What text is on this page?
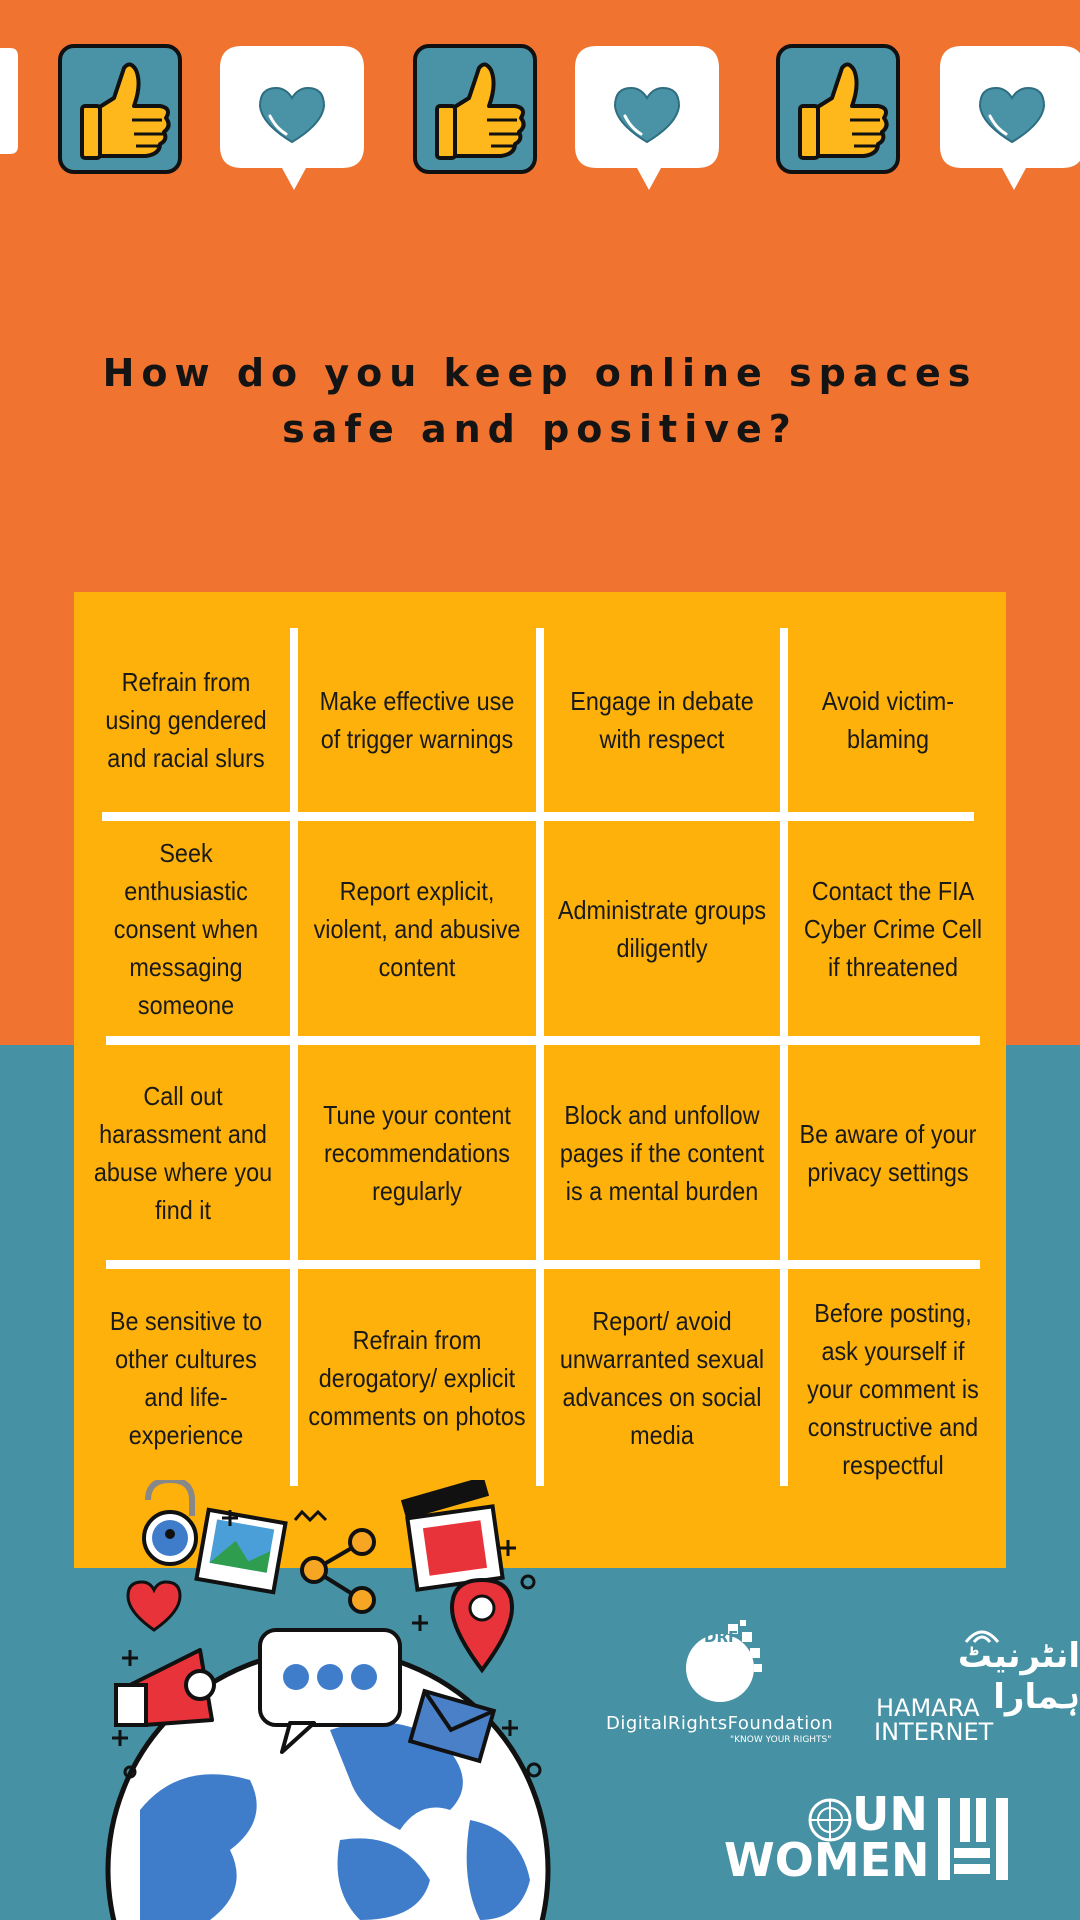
How do you keep online spaces safe and positive?
Refrain from using gendered and racial slurs
Make effective use of trigger warnings
Engage in debate with respect
Avoid victim-blaming
Seek enthusiastic consent when messaging someone
Report explicit, violent, and abusive content
Administrate groups diligently
Contact the FIA Cyber Crime Cell if threatened
Call out harassment and abuse where you find it
Tune your content recommendations regularly
Block and unfollow pages if the content is a mental burden
Be aware of your privacy settings
Be sensitive to other cultures and life-experience
Refrain from derogatory/ explicit comments on photos
Report/ avoid unwarranted sexual advances on social media
Before posting, ask yourself if your comment is constructive and respectful
DRF
DigitalRightsFoundation
"KNOW YOUR RIGHTS"
انٹرنیٹ ہمارا
HAMARA
INTERNET
UN
WOMEN
